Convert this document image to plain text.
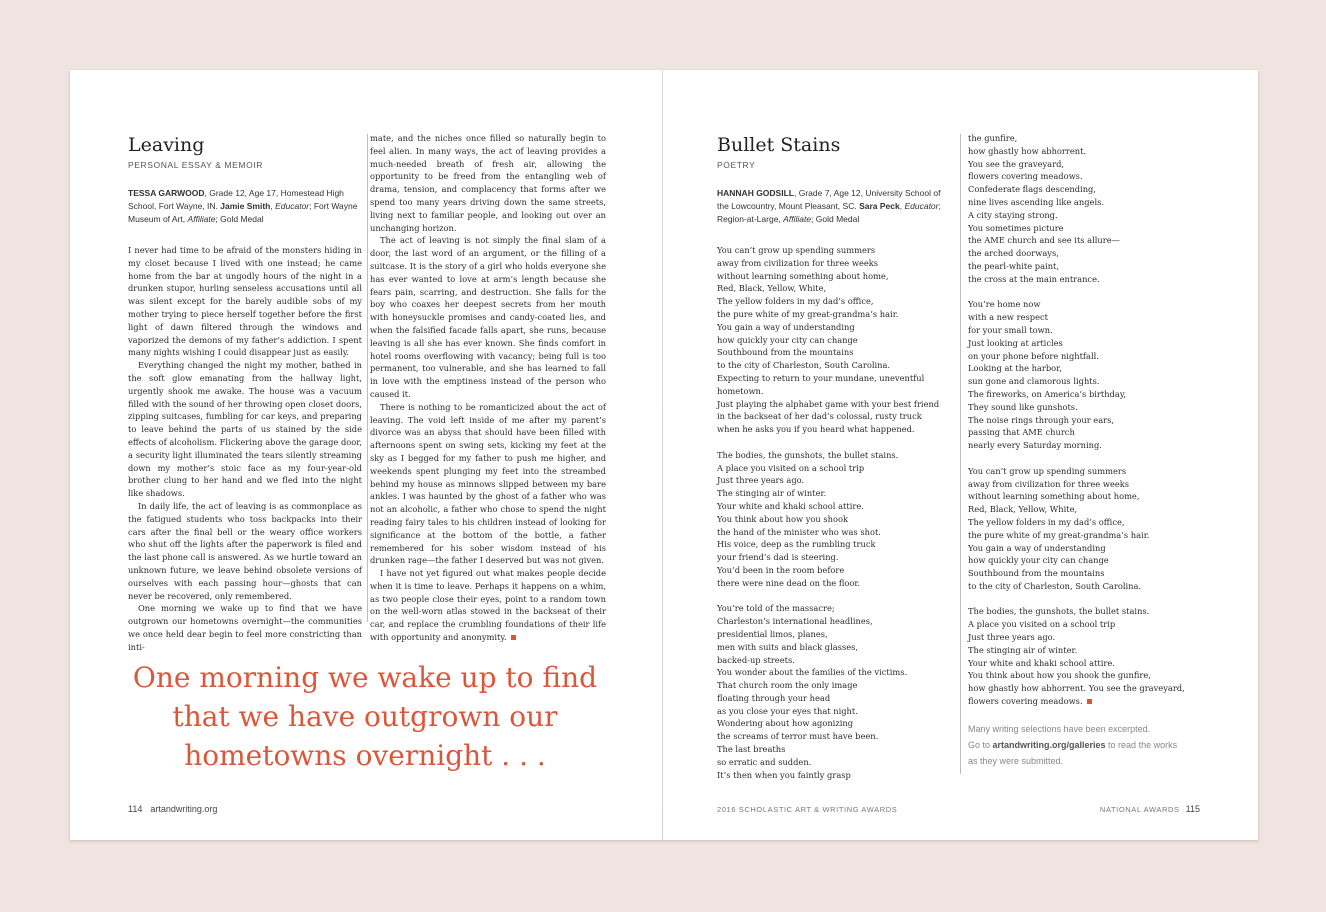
Leaving
PERSONAL ESSAY & MEMOIR
TESSA GARWOOD, Grade 12, Age 17, Homestead High School, Fort Wayne, IN. Jamie Smith, Educator; Fort Wayne Museum of Art, Affiliate; Gold Medal

I never had time to be afraid of the monsters hiding in my closet because I lived with one instead; he came home from the bar at ungodly hours of the night in a drunken stupor, hurling senseless accusations until all was silent except for the barely audible sobs of my mother trying to piece herself together before the first light of dawn filtered through the windows and vaporized the demons of my father’s addiction. I spent many nights wishing I could disappear just as easily.

Everything changed the night my mother, bathed in the soft glow emanating from the hallway light, urgently shook me awake. The house was a vacuum filled with the sound of her throwing open closet doors, zipping suitcases, fumbling for car keys, and preparing to leave behind the parts of us stained by the side effects of alcoholism. Flickering above the garage door, a security light illuminated the tears silently streaming down my mother’s stoic face as my four-year-old brother clung to her hand and we fled into the night like shadows.

In daily life, the act of leaving is as commonplace as the fatigued students who toss backpacks into their cars after the final bell or the weary office workers who shut off the lights after the paperwork is filed and the last phone call is answered. As we hurtle toward an unknown future, we leave behind obsolete versions of ourselves with each passing hour—ghosts that can never be recovered, only remembered.

One morning we wake up to find that we have outgrown our hometowns overnight—the communities we once held dear begin to feel more constricting than inti-

mate, and the niches once filled so naturally begin to feel alien. In many ways, the act of leaving provides a much-needed breath of fresh air, allowing the opportunity to be freed from the entangling web of drama, tension, and complacency that forms after we spend too many years driving down the same streets, living next to familiar people, and looking out over an unchanging horizon.

The act of leaving is not simply the final slam of a door, the last word of an argument, or the filling of a suitcase. It is the story of a girl who holds everyone she has ever wanted to love at arm’s length because she fears pain, scarring, and destruction. She falls for the boy who coaxes her deepest secrets from her mouth with honeysuckle promises and candy-coated lies, and when the falsified facade falls apart, she runs, because leaving is all she has ever known. She finds comfort in hotel rooms overflowing with vacancy; being full is too permanent, too vulnerable, and she has learned to fall in love with the emptiness instead of the person who caused it.

There is nothing to be romanticized about the act of leaving. The void left inside of me after my parent’s divorce was an abyss that should have been filled with afternoons spent on swing sets, kicking my feet at the sky as I begged for my father to push me higher, and weekends spent plunging my feet into the streambed behind my house as minnows slipped between my bare ankles. I was haunted by the ghost of a father who was not an alcoholic, a father who chose to spend the night reading fairy tales to his children instead of looking for significance at the bottom of the bottle, a father remembered for his sober wisdom instead of his drunken rage—the father I deserved but was not given.

I have not yet figured out what makes people decide when it is time to leave. Perhaps it happens on a whim, as two people close their eyes, point to a random town on the well-worn atlas stowed in the backseat of their car, and replace the crumbling foundations of their life with opportunity and anonymity.

One morning we wake up to find that we have outgrown our hometowns overnight . . .
114 artandwriting.org
Bullet Stains
POETRY
HANNAH GODSILL, Grade 7, Age 12, University School of the Lowcountry, Mount Pleasant, SC. Sara Peck, Educator; Region-at-Large, Affiliate; Gold Medal
You can’t grow up spending summers
away from civilization for three weeks
without learning something about home,
Red, Black, Yellow, White,
The yellow folders in my dad’s office,
the pure white of my great-grandma’s hair.
You gain a way of understanding
how quickly your city can change
Southbound from the mountains
to the city of Charleston, South Carolina.
Expecting to return to your mundane, uneventful
hometown.
Just playing the alphabet game with your best friend
in the backseat of her dad’s colossal, rusty truck
when he asks you if you heard what happened.
The bodies, the gunshots, the bullet stains.
A place you visited on a school trip
Just three years ago.
The stinging air of winter.
Your white and khaki school attire.
You think about how you shook
the hand of the minister who was shot.
His voice, deep as the rumbling truck
your friend’s dad is steering.
You’d been in the room before
there were nine dead on the floor.
You’re told of the massacre;
Charleston’s international headlines,
presidential limos, planes,
men with suits and black glasses,
backed-up streets.
You wonder about the families of the victims.
That church room the only image
floating through your head
as you close your eyes that night.
Wondering about how agonizing
the screams of terror must have been.
The last breaths
so erratic and sudden.
It’s then when you faintly grasp
the gunfire,
how ghastly how abhorrent.
You see the graveyard,
flowers covering meadows.
Confederate flags descending,
nine lives ascending like angels.
A city staying strong.
You sometimes picture
the AME church and see its allure—
the arched doorways,
the pearl-white paint,
the cross at the main entrance.
You’re home now
with a new respect
for your small town.
Just looking at articles
on your phone before nightfall.
Looking at the harbor,
sun gone and clamorous lights.
The fireworks, on America’s birthday,
They sound like gunshots.
The noise rings through your ears,
passing that AME church
nearly every Saturday morning.
You can’t grow up spending summers
away from civilization for three weeks
without learning something about home,
Red, Black, Yellow, White,
The yellow folders in my dad’s office,
the pure white of my great-grandma’s hair.
You gain a way of understanding
how quickly your city can change
Southbound from the mountains
to the city of Charleston, South Carolina.
The bodies, the gunshots, the bullet stains.
A place you visited on a school trip
Just three years ago.
The stinging air of winter.
Your white and khaki school attire.
You think about how you shook the gunfire,
how ghastly how abhorrent. You see the graveyard,
flowers covering meadows.
Many writing selections have been excerpted.
Go to artandwriting.org/galleries to read the works
as they were submitted.
2016 SCHOLASTIC ART & WRITING AWARDS	NATIONAL AWARDS 115
